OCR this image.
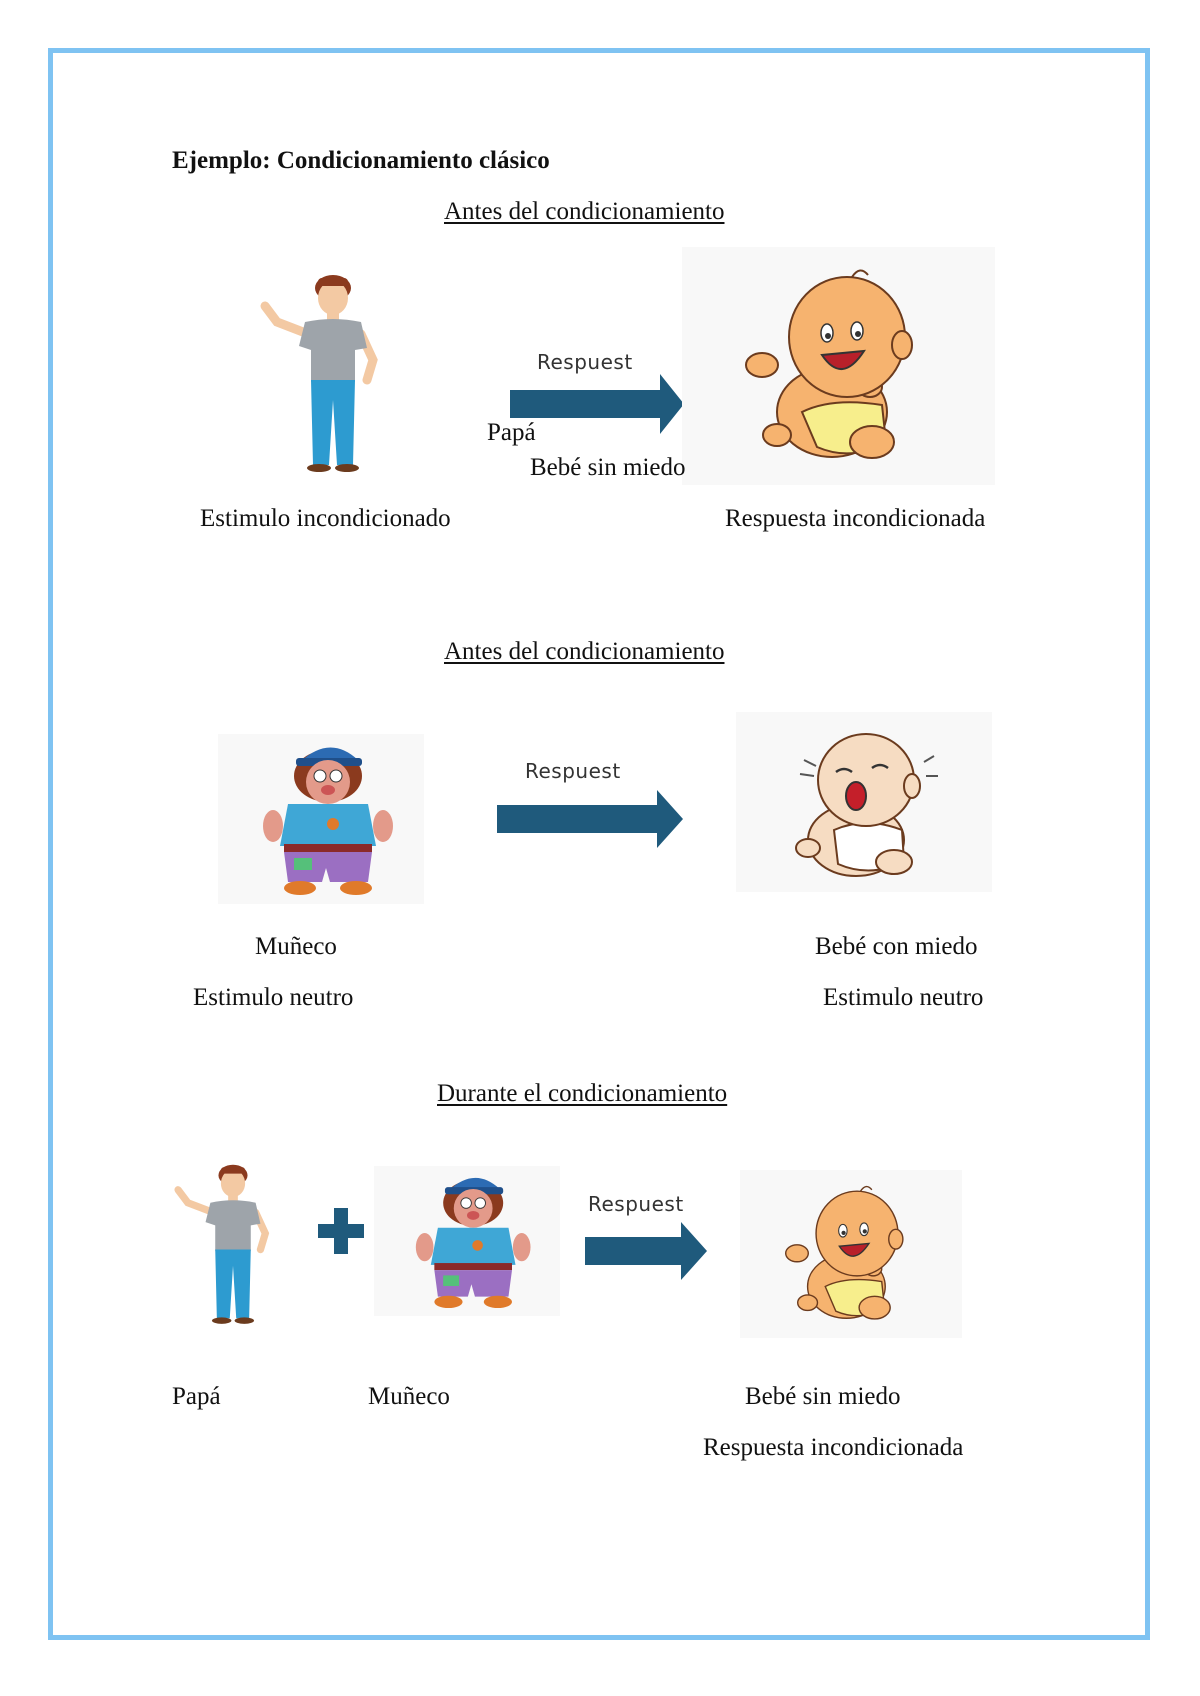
Ejemplo: Condicionamiento clásico
Antes del condicionamiento
Respuest
Papá
Bebé sin miedo
Estimulo incondicionado	Respuesta incondicionada
Antes del condicionamiento
Respuest
Muñeco
Estimulo neutro
Bebé con miedo
Estimulo neutro
Durante el condicionamiento
Respuest
Papá	Muñeco	Bebé sin miedo
Respuesta incondicionada
